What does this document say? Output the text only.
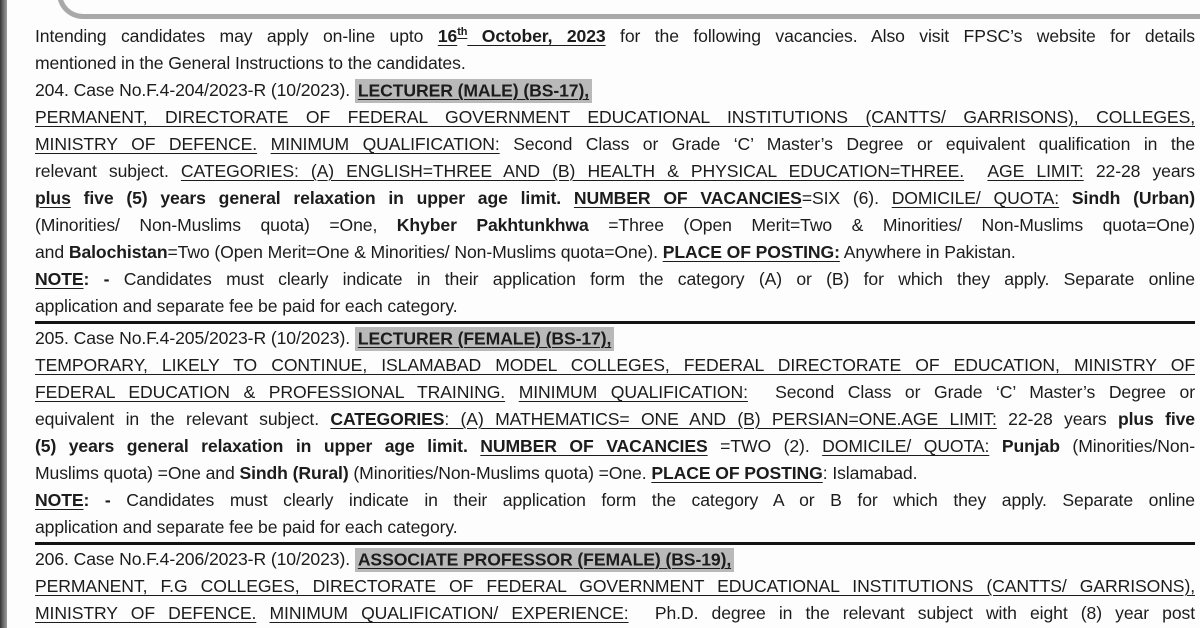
Intending candidates may apply on-line upto 16th October, 2023 for the following vacancies. Also visit FPSC’s website for details
mentioned in the General Instructions to the candidates.
204. Case No.F.4-204/2023-R (10/2023). LECTURER (MALE) (BS-17),
PERMANENT, DIRECTORATE OF FEDERAL GOVERNMENT EDUCATIONAL INSTITUTIONS (CANTTS/ GARRISONS), COLLEGES,
MINISTRY OF DEFENCE. MINIMUM QUALIFICATION: Second Class or Grade ‘C’ Master’s Degree or equivalent qualification in the
relevant subject. CATEGORIES: (A) ENGLISH=THREE AND (B) HEALTH & PHYSICAL EDUCATION=THREE. AGE LIMIT: 22-28 years
plus five (5) years general relaxation in upper age limit. NUMBER OF VACANCIES=SIX (6). DOMICILE/ QUOTA: Sindh (Urban)
(Minorities/ Non-Muslims quota) =One, Khyber Pakhtunkhwa =Three (Open Merit=Two & Minorities/ Non-Muslims quota=One)
and Balochistan=Two (Open Merit=One & Minorities/ Non-Muslims quota=One). PLACE OF POSTING: Anywhere in Pakistan.
NOTE: - Candidates must clearly indicate in their application form the category (A) or (B) for which they apply. Separate online
application and separate fee be paid for each category.
205. Case No.F.4-205/2023-R (10/2023). LECTURER (FEMALE) (BS-17),
TEMPORARY, LIKELY TO CONTINUE, ISLAMABAD MODEL COLLEGES, FEDERAL DIRECTORATE OF EDUCATION, MINISTRY OF
FEDERAL EDUCATION & PROFESSIONAL TRAINING. MINIMUM QUALIFICATION:  Second Class or Grade ‘C’ Master’s Degree or
equivalent in the relevant subject. CATEGORIES: (A) MATHEMATICS= ONE AND (B) PERSIAN=ONE.AGE LIMIT: 22-28 years plus five
(5) years general relaxation in upper age limit. NUMBER OF VACANCIES =TWO (2). DOMICILE/ QUOTA: Punjab (Minorities/Non-
Muslims quota) =One and Sindh (Rural) (Minorities/Non-Muslims quota) =One. PLACE OF POSTING: Islamabad.
NOTE: - Candidates must clearly indicate in their application form the category A or B for which they apply. Separate online
application and separate fee be paid for each category.
206. Case No.F.4-206/2023-R (10/2023). ASSOCIATE PROFESSOR (FEMALE) (BS-19),
PERMANENT, F.G COLLEGES, DIRECTORATE OF FEDERAL GOVERNMENT EDUCATIONAL INSTITUTIONS (CANTTS/ GARRISONS),
MINISTRY OF DEFENCE. MINIMUM QUALIFICATION/ EXPERIENCE:  Ph.D. degree in the relevant subject with eight (8) year post
